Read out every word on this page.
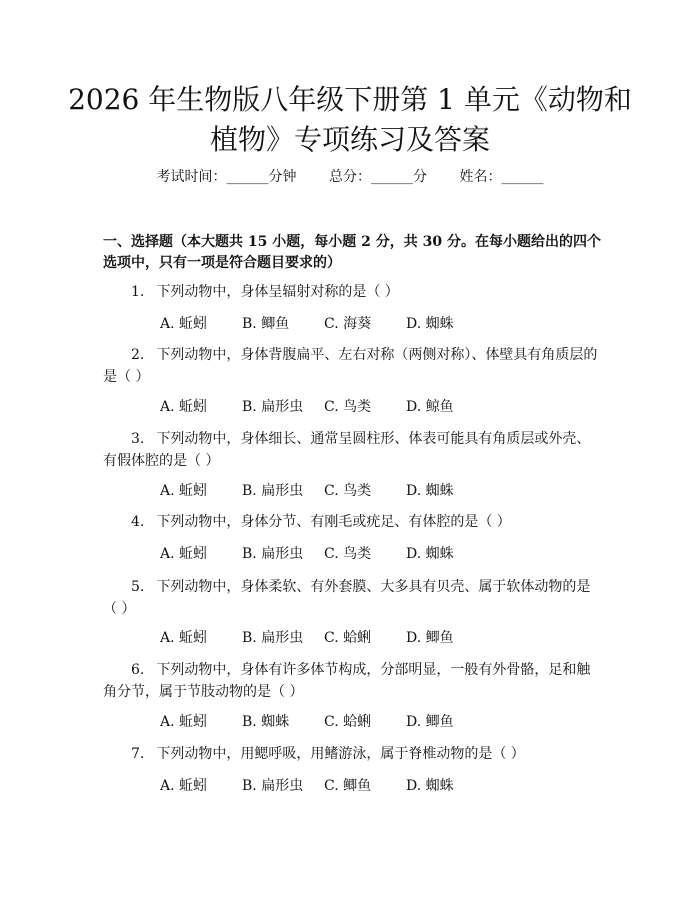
2026 年生物版八年级下册第 1 单元《动物和
植物》专项练习及答案
考试时间：______分钟 总分：______分 姓名：______
一、选择题（本大题共 15 小题，每小题 2 分，共 30 分。在每小题给出的四个选项中，只有一项是符合题目要求的）
1. 下列动物中，身体呈辐射对称的是（ ）
A. 蚯蚓 B. 鲫鱼 C. 海葵 D. 蜘蛛
2. 下列动物中，身体背腹扁平、左右对称（两侧对称）、体壁具有角质层的是（ ）
A. 蚯蚓 B. 扁形虫 C. 鸟类 D. 鲸鱼
3. 下列动物中，身体细长、通常呈圆柱形、体表可能具有角质层或外壳、有假体腔的是（ ）
A. 蚯蚓 B. 扁形虫 C. 鸟类 D. 蜘蛛
4. 下列动物中，身体分节、有刚毛或疣足、有体腔的是（ ）
A. 蚯蚓 B. 扁形虫 C. 鸟类 D. 蜘蛛
5. 下列动物中，身体柔软、有外套膜、大多具有贝壳、属于软体动物的是（ ）
A. 蚯蚓 B. 扁形虫 C. 蛤蜊 D. 鲫鱼
6. 下列动物中，身体有许多体节构成，分部明显，一般有外骨骼，足和触角分节，属于节肢动物的是（ ）
A. 蚯蚓 B. 蜘蛛 C. 蛤蜊 D. 鲫鱼
7. 下列动物中，用鳃呼吸，用鳍游泳，属于脊椎动物的是（ ）
A. 蚯蚓 B. 扁形虫 C. 鲫鱼 D. 蜘蛛
